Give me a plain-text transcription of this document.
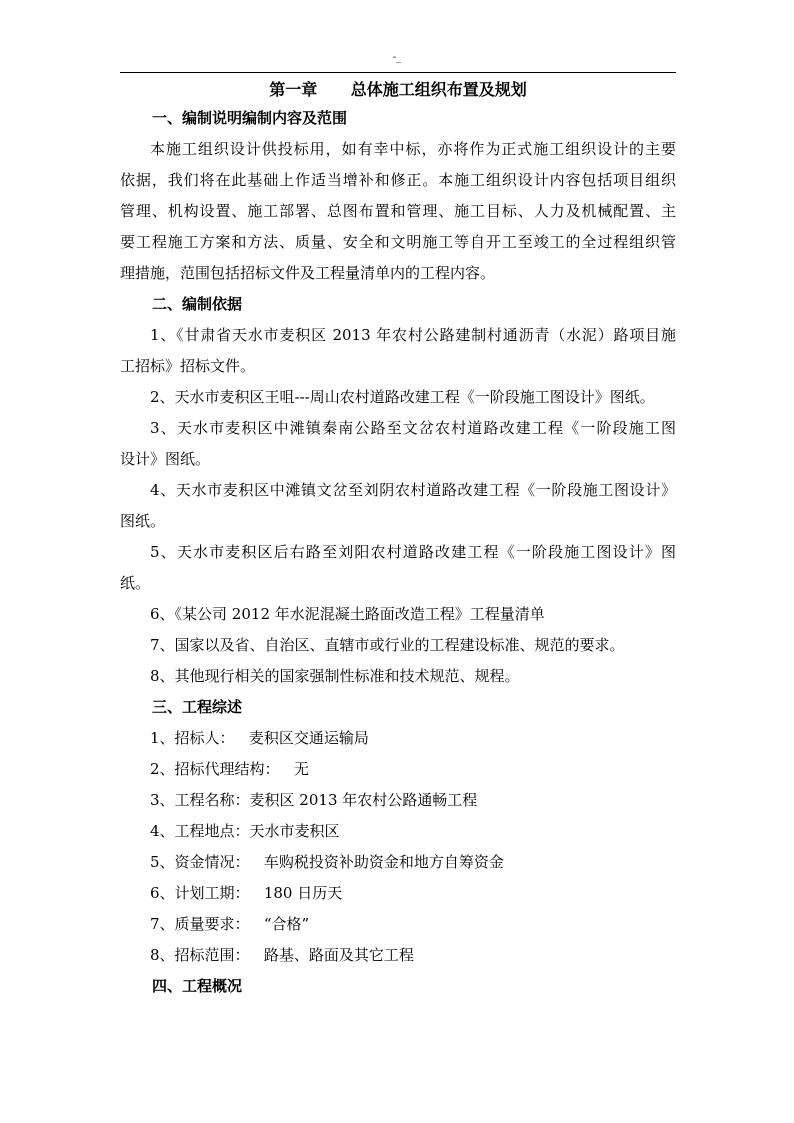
-_
第一章      总体施工组织布置及规划
一、编制说明编制内容及范围
本施工组织设计供投标用，如有幸中标，亦将作为正式施工组织设计的主要
依据，我们将在此基础上作适当增补和修正。本施工组织设计内容包括项目组织
管理、机构设置、施工部署、总图布置和管理、施工目标、人力及机械配置、主
要工程施工方案和方法、质量、安全和文明施工等自开工至竣工的全过程组织管
理措施，范围包括招标文件及工程量清单内的工程内容。
二、编制依据
1、《甘肃省天水市麦积区 2013 年农村公路建制村通沥青（水泥）路项目施
工招标》招标文件。
2、天水市麦积区王咀---周山农村道路改建工程《一阶段施工图设计》图纸。
3、天水市麦积区中滩镇秦南公路至文岔农村道路改建工程《一阶段施工图
设计》图纸。
4、天水市麦积区中滩镇文岔至刘阴农村道路改建工程《一阶段施工图设计》
图纸。
5、天水市麦积区后右路至刘阳农村道路改建工程《一阶段施工图设计》图
纸。
6、《某公司 2012 年水泥混凝土路面改造工程》工程量清单
7、国家以及省、自治区、直辖市或行业的工程建设标准、规范的要求。
8、其他现行相关的国家强制性标准和技术规范、规程。
三、工程综述
1、招标人：   麦积区交通运输局
2、招标代理结构：   无
3、工程名称：麦积区 2013 年农村公路通畅工程
4、工程地点：天水市麦积区
5、资金情况：   车购税投资补助资金和地方自筹资金
6、计划工期：   180 日历天
7、质量要求：   “合格”
8、招标范围：   路基、路面及其它工程
四、工程概况
